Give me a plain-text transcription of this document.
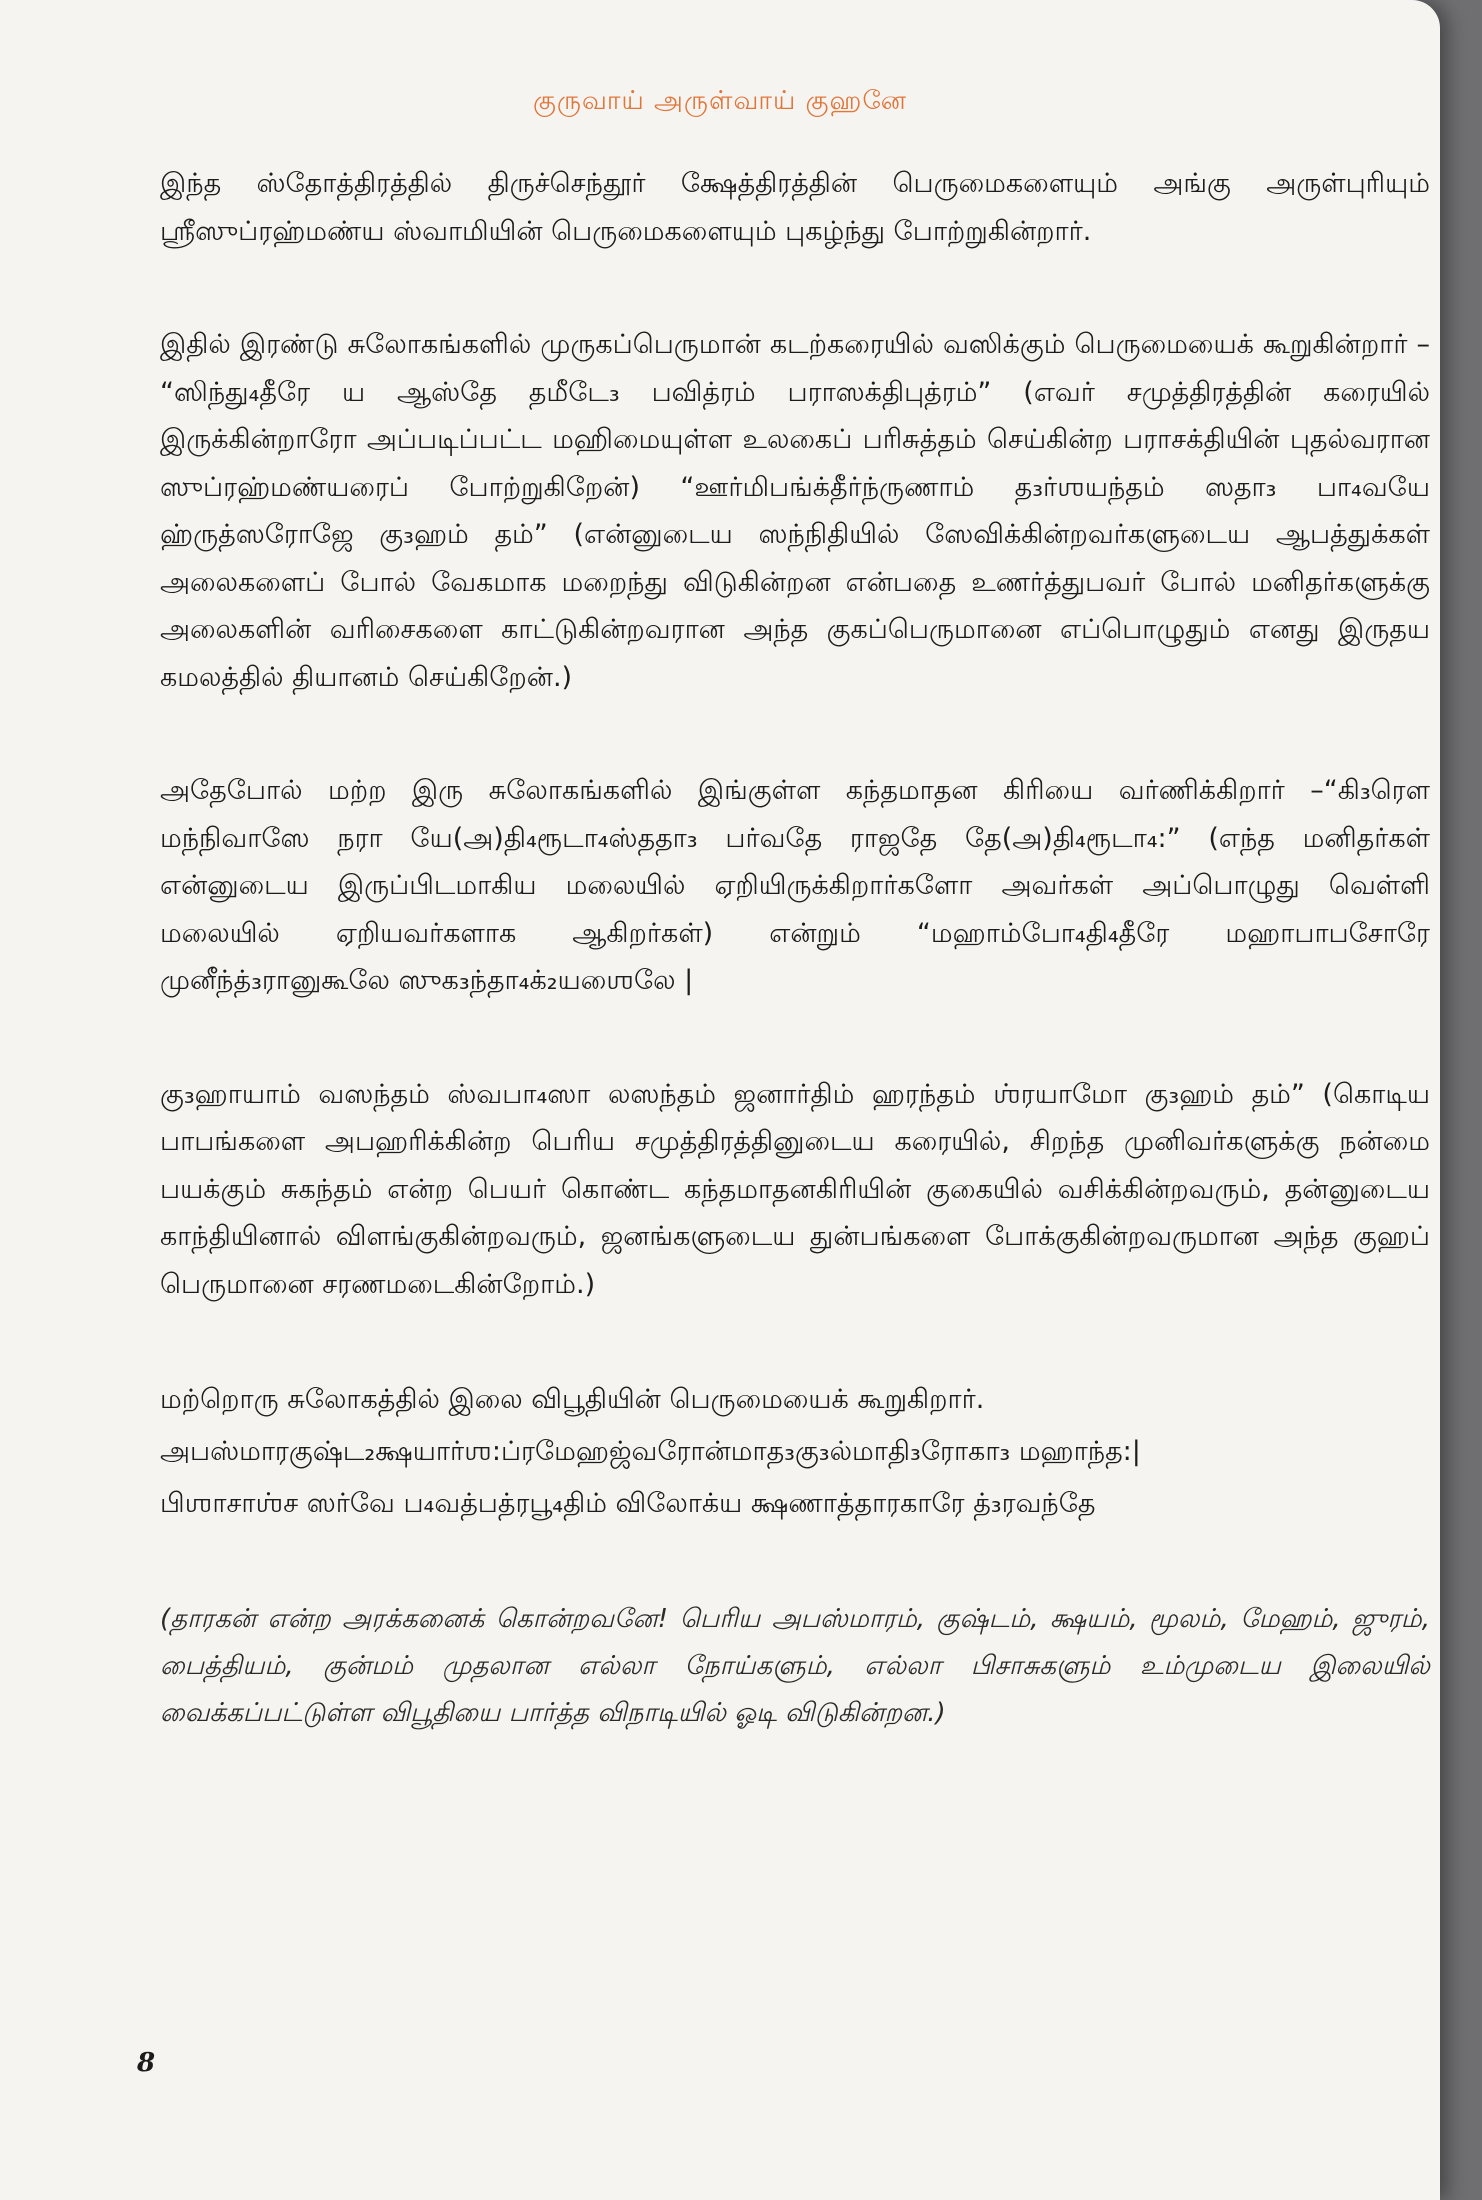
குருவாய் அருள்வாய் குஹனே

இந்த ஸ்தோத்திரத்தில் திருச்செந்தூர் க்ஷேத்திரத்தின் பெருமைகளையும் அங்கு அருள்புரியும் ஸ்ரீஸுப்ரஹ்மண்ய ஸ்வாமியின் பெருமைகளையும் புகழ்ந்து போற்றுகின்றார்.

இதில் இரண்டு சுலோகங்களில் முருகப்பெருமான் கடற்கரையில் வஸிக்கும் பெருமையைக் கூறுகின்றார் – “ஸிந்து₄தீரே ய ஆஸ்தே தமீடே₃ பவித்ரம் பராஸக்திபுத்ரம்” (எவர் சமுத்திரத்தின் கரையில் இருக்கின்றாரோ அப்படிப்பட்ட மஹிமையுள்ள உலகைப் பரிசுத்தம் செய்கின்ற பராசக்தியின் புதல்வரான ஸுப்ரஹ்மண்யரைப் போற்றுகிறேன்) “ஊர்மிபங்க்தீர்ந்ருணாம் த₃ர்ஶயந்தம் ஸதா₃ பா₄வயே ஹ்ருத்ஸரோஜே கு₃ஹம் தம்” (என்னுடைய ஸந்நிதியில் ஸேவிக்கின்றவர்களுடைய ஆபத்துக்கள் அலைகளைப் போல் வேகமாக மறைந்து விடுகின்றன என்பதை உணர்த்துபவர் போல் மனிதர்களுக்கு அலைகளின் வரிசைகளை காட்டுகின்றவரான அந்த குகப்பெருமானை எப்பொழுதும் எனது இருதய கமலத்தில் தியானம் செய்கிறேன்.)

அதேபோல் மற்ற இரு சுலோகங்களில் இங்குள்ள கந்தமாதன கிரியை வர்ணிக்கிறார் –“கி₃ரௌ மந்நிவாஸே நரா யே(அ)தி₄ரூடா₄ஸ்ததா₃ பர்வதே ராஜதே தே(அ)தி₄ரூடா₄:” (எந்த மனிதர்கள் என்னுடைய இருப்பிடமாகிய மலையில் ஏறியிருக்கிறார்களோ அவர்கள் அப்பொழுது வெள்ளி மலையில் ஏறியவர்களாக ஆகிறர்கள்) என்றும் “மஹாம்போ₄தி₄தீரே மஹாபாபசோரே முனீந்த்₃ரானுகூலே ஸுக₃ந்தா₄க்₂யஶைலே |

கு₃ஹாயாம் வஸந்தம் ஸ்வபா₄ஸா லஸந்தம் ஜனார்திம் ஹரந்தம் ஶ்ரயாமோ கு₃ஹம் தம்” (கொடிய பாபங்களை அபஹரிக்கின்ற பெரிய சமுத்திரத்தினுடைய கரையில், சிறந்த முனிவர்களுக்கு நன்மை பயக்கும் சுகந்தம் என்ற பெயர் கொண்ட கந்தமாதனகிரியின் குகையில் வசிக்கின்றவரும், தன்னுடைய காந்தியினால் விளங்குகின்றவரும், ஜனங்களுடைய துன்பங்களை போக்குகின்றவருமான அந்த குஹப் பெருமானை சரணமடைகின்றோம்.)

மற்றொரு சுலோகத்தில் இலை விபூதியின் பெருமையைக் கூறுகிறார்.

அபஸ்மாரகுஷ்ட₂க்ஷயார்ஶ:ப்ரமேஹஜ்வரோன்மாத₃கு₃ல்மாதி₃ரோகா₃ மஹாந்த:|

பிஶாசாஶ்ச ஸர்வே ப₄வத்பத்ரபூ₄திம் விலோக்ய க்ஷணாத்தாரகாரே த்₃ரவந்தே

(தாரகன் என்ற அரக்கனைக் கொன்றவனே! பெரிய அபஸ்மாரம், குஷ்டம், க்ஷயம், மூலம், மேஹம், ஜுரம், பைத்தியம், குன்மம் முதலான எல்லா நோய்களும், எல்லா பிசாசுகளும் உம்முடைய இலையில் வைக்கப்பட்டுள்ள விபூதியை பார்த்த விநாடியில் ஓடி விடுகின்றன.)

8
